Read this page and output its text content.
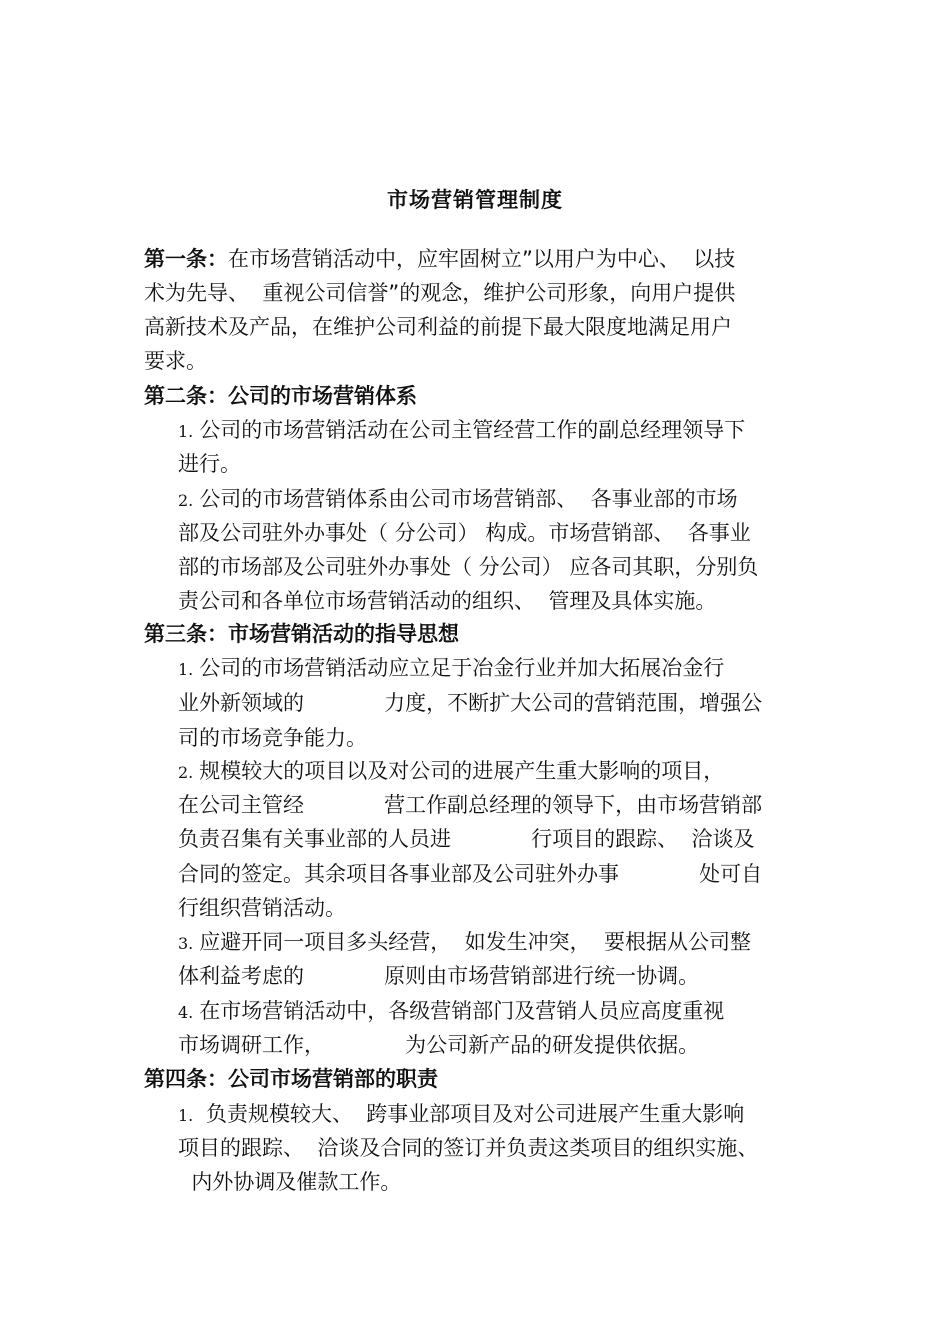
市场营销管理制度
第一条：在市场营销活动中，应牢固树立”以用户为中心、  以技
术为先导、  重视公司信誉”的观念，维护公司形象，向用户提供
高新技术及产品，在维护公司利益的前提下最大限度地满足用户
要求。
第二条：公司的市场营销体系
1. 公司的市场营销活动在公司主管经营工作的副总经理领导下
进行。
2. 公司的市场营销体系由公司市场营销部、  各事业部的市场
部及公司驻外办事处（ 分公司） 构成。市场营销部、  各事业
部的市场部及公司驻外办事处（ 分公司） 应各司其职，分别负
责公司和各单位市场营销活动的组织、  管理及具体实施。
第三条：市场营销活动的指导思想
1. 公司的市场营销活动应立足于冶金行业并加大拓展冶金行
业外新领域的            力度，不断扩大公司的营销范围，增强公
司的市场竞争能力。
2. 规模较大的项目以及对公司的进展产生重大影响的项目，
在公司主管经            营工作副总经理的领导下，由市场营销部
负责召集有关事业部的人员进            行项目的跟踪、  洽谈及
合同的签定。其余项目各事业部及公司驻外办事            处可自
行组织营销活动。
3. 应避开同一项目多头经营，  如发生冲突，  要根据从公司整
体利益考虑的            原则由市场营销部进行统一协调。
4. 在市场营销活动中，各级营销部门及营销人员应高度重视
市场调研工作，            为公司新产品的研发提供依据。
第四条：公司市场营销部的职责
1. 负责规模较大、  跨事业部项目及对公司进展产生重大影响
项目的跟踪、  洽谈及合同的签订并负责这类项目的组织实施、
内外协调及催款工作。
